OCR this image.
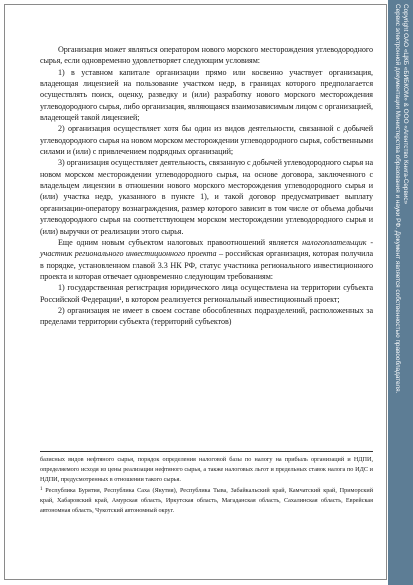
Организация может являться оператором нового морского месторождения углеводородного сырья, если одновременно удовлетворяет следующим условиям:

1) в уставном капитале организации прямо или косвенно участвует организация, владеющая лицензией на пользование участком недр, в границах которого предполагается осуществлять поиск, оценку, разведку и (или) разработку нового морского месторождения углеводородного сырья, либо организация, являющаяся взаимозависимым лицом с организацией, владеющей такой лицензией;

2) организация осуществляет хотя бы один из видов деятельности, связанной с добычей углеводородного сырья на новом морском месторождении углеводородного сырья, собственными силами и (или) с привлечением подрядных организаций;

3) организация осуществляет деятельность, связанную с добычей углеводородного сырья на новом морском месторождении углеводородного сырья, на основе договора, заключенного с владельцем лицензии в отношении нового морского месторождения углеводородного сырья и (или) участка недр, указанного в пункте 1), и такой договор предусматривает выплату организации-оператору вознаграждения, размер которого зависит в том числе от объема добычи углеводородного сырья на соответствующем морском месторождении углеводородного сырья и (или) выручки от реализации этого сырья.

Еще одним новым субъектом налоговых правоотношений является налогоплательщик - участник регионального инвестиционного проекта – российская организация, которая получила в порядке, установленном главой 3.3 НК РФ, статус участника регионального инвестиционного проекта и которая отвечает одновременно следующим требованиям:

1) государственная регистрация юридического лица осуществлена на территории субъекта Российской Федерации¹, в котором реализуется региональный инвестиционный проект;

2) организация не имеет в своем составе обособленных подразделений, расположенных за пределами территории субъекта (территорий субъектов)

базисных видов нефтяного сырья, порядок определения налоговой базы по налогу на прибыль организаций и НДПИ, определяемого исходя из цены реализации нефтяного сырья, а также налоговых льгот и предельных ставок налога по ИДС и НДПИ, предусмотренных в отношении такого сырья.

$^1$ Республика Бурятия, Республика Саха (Якутия), Республика Тыва, Забайкальский край, Камчатский край, Приморский край, Хабаровский край, Амурская область, Иркутская область, Магаданская область, Сахалинская область, Еврейская автономная область, Чукотский автономный округ.

Copyright ОАО «ЦКБ «БИБКОМ» & ООО «Aгентство Книга-Сервис»
Сервис электронной документации Министерства образования и науки РФ. Документ является собственностью правообладателя.
